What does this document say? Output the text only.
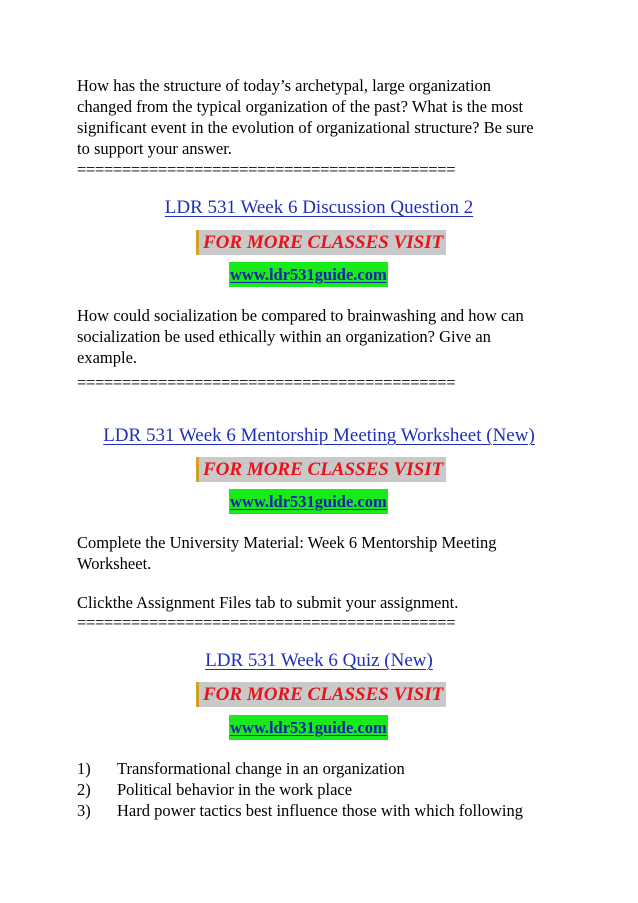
How has the structure of today’s archetypal, large organization
changed from the typical organization of the past? What is the most
significant event in the evolution of organizational structure? Be sure
to support your answer.

==========================================
LDR 531 Week 6 Discussion Question 2
FOR MORE CLASSES VISIT
www.ldr531guide.com

How could socialization be compared to brainwashing and how can
socialization be used ethically within an organization? Give an
example.

==========================================
LDR 531 Week 6 Mentorship Meeting Worksheet (New)
FOR MORE CLASSES VISIT
www.ldr531guide.com

Complete the University Material: Week 6 Mentorship Meeting
Worksheet.

Clickthe Assignment Files tab to submit your assignment.

==========================================
LDR 531 Week 6 Quiz (New)
FOR MORE CLASSES VISIT
www.ldr531guide.com
1)	Transformational change in an organization
2)	Political behavior in the work place
3)	Hard power tactics best influence those with which following
